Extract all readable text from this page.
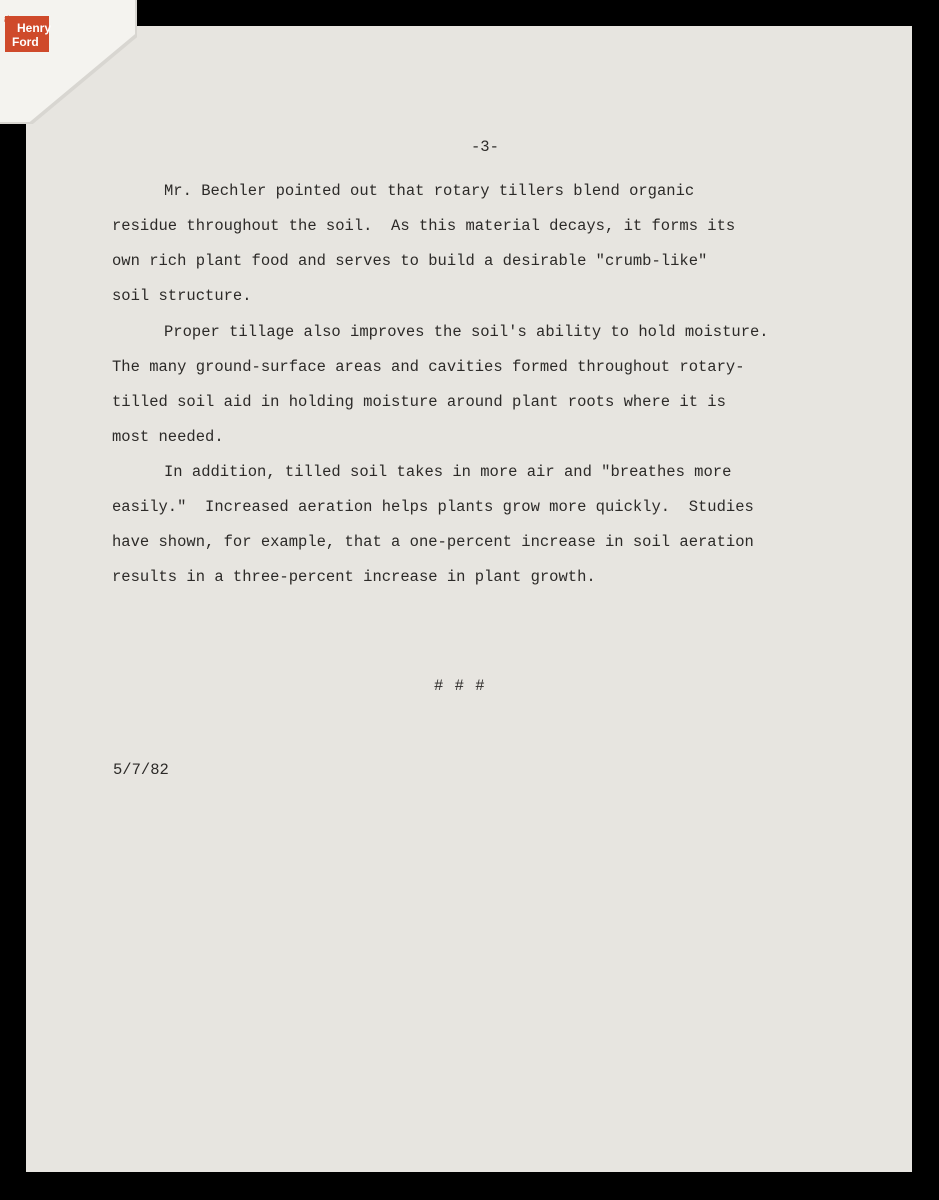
-3-
Mr. Bechler pointed out that rotary tillers blend organic
residue throughout the soil.  As this material decays, it forms its
own rich plant food and serves to build a desirable "crumb-like"
soil structure.
Proper tillage also improves the soil's ability to hold moisture.
The many ground-surface areas and cavities formed throughout rotary-
tilled soil aid in holding moisture around plant roots where it is
most needed.
In addition, tilled soil takes in more air and "breathes more
easily."  Increased aeration helps plants grow more quickly.  Studies
have shown, for example, that a one-percent increase in soil aeration
results in a three-percent increase in plant growth.
# # #
5/7/82
the
Henry
Ford
